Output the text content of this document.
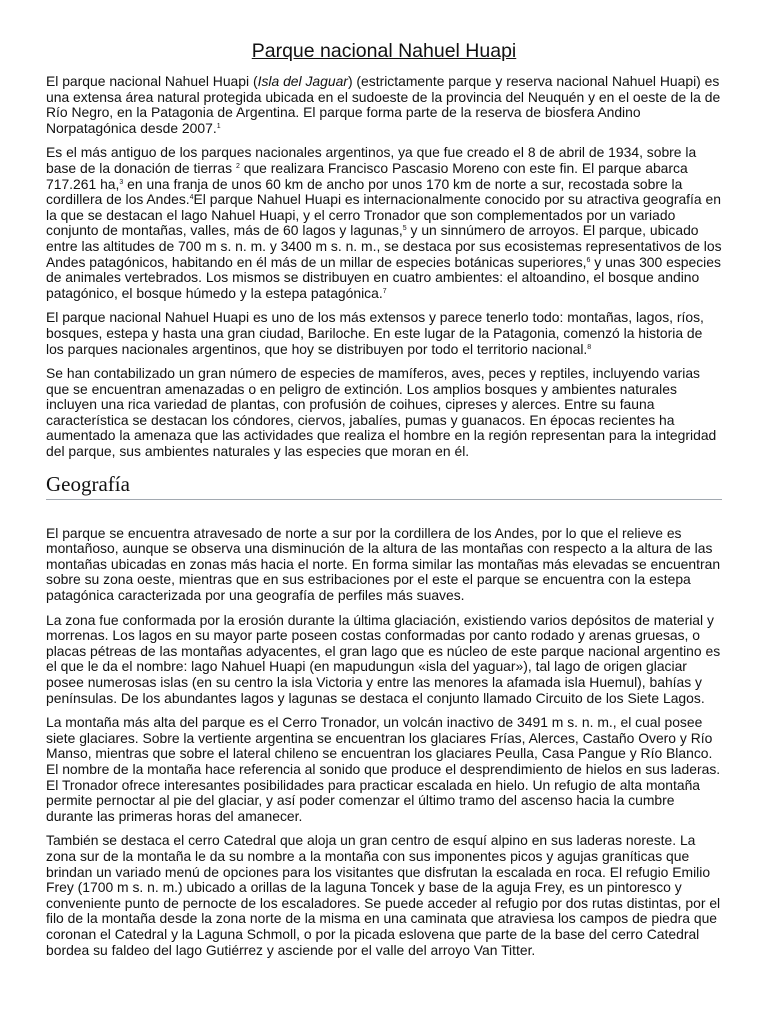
Parque nacional Nahuel Huapi

El parque nacional Nahuel Huapi (Isla del Jaguar) (estrictamente parque y reserva nacional Nahuel Huapi) es una extensa área natural protegida ubicada en el sudoeste de la provincia del Neuquén y en el oeste de la de Río Negro, en la Patagonia de Argentina. El parque forma parte de la reserva de biosfera Andino Norpatagónica desde 2007.$^1$

Es el más antiguo de los parques nacionales argentinos, ya que fue creado el 8 de abril de 1934, sobre la base de la donación de tierras $^2$ que realizara Francisco Pascasio Moreno con este fin. El parque abarca 717.261 ha,$^3$ en una franja de unos 60 km de ancho por unos 170 km de norte a sur, recostada sobre la cordillera de los Andes.$^4$El parque Nahuel Huapi es internacionalmente conocido por su atractiva geografía en la que se destacan el lago Nahuel Huapi, y el cerro Tronador que son complementados por un variado conjunto de montañas, valles, más de 60 lagos y lagunas,$^5$ y un sinnúmero de arroyos. El parque, ubicado entre las altitudes de 700 m s. n. m. y 3400 m s. n. m., se destaca por sus ecosistemas representativos de los Andes patagónicos, habitando en él más de un millar de especies botánicas superiores,$^6$ y unas 300 especies de animales vertebrados. Los mismos se distribuyen en cuatro ambientes: el altoandino, el bosque andino patagónico, el bosque húmedo y la estepa patagónica.$^7$

El parque nacional Nahuel Huapi es uno de los más extensos y parece tenerlo todo: montañas, lagos, ríos, bosques, estepa y hasta una gran ciudad, Bariloche. En este lugar de la Patagonia, comenzó la historia de los parques nacionales argentinos, que hoy se distribuyen por todo el territorio nacional.$^8$

Se han contabilizado un gran número de especies de mamíferos, aves, peces y reptiles, incluyendo varias que se encuentran amenazadas o en peligro de extinción. Los amplios bosques y ambientes naturales incluyen una rica variedad de plantas, con profusión de coihues, cipreses y alerces. Entre su fauna característica se destacan los cóndores, ciervos, jabalíes, pumas y guanacos. En épocas recientes ha aumentado la amenaza que las actividades que realiza el hombre en la región representan para la integridad del parque, sus ambientes naturales y las especies que moran en él.

Geografía

El parque se encuentra atravesado de norte a sur por la cordillera de los Andes, por lo que el relieve es montañoso, aunque se observa una disminución de la altura de las montañas con respecto a la altura de las montañas ubicadas en zonas más hacia el norte. En forma similar las montañas más elevadas se encuentran sobre su zona oeste, mientras que en sus estribaciones por el este el parque se encuentra con la estepa patagónica caracterizada por una geografía de perfiles más suaves.

La zona fue conformada por la erosión durante la última glaciación, existiendo varios depósitos de material y morrenas. Los lagos en su mayor parte poseen costas conformadas por canto rodado y arenas gruesas, o placas pétreas de las montañas adyacentes, el gran lago que es núcleo de este parque nacional argentino es el que le da el nombre: lago Nahuel Huapi (en mapudungun «isla del yaguar»), tal lago de origen glaciar posee numerosas islas (en su centro la isla Victoria y entre las menores la afamada isla Huemul), bahías y penínsulas. De los abundantes lagos y lagunas se destaca el conjunto llamado Circuito de los Siete Lagos.

La montaña más alta del parque es el Cerro Tronador, un volcán inactivo de 3491 m s. n. m., el cual posee siete glaciares. Sobre la vertiente argentina se encuentran los glaciares Frías, Alerces, Castaño Overo y Río Manso, mientras que sobre el lateral chileno se encuentran los glaciares Peulla, Casa Pangue y Río Blanco. El nombre de la montaña hace referencia al sonido que produce el desprendimiento de hielos en sus laderas. El Tronador ofrece interesantes posibilidades para practicar escalada en hielo. Un refugio de alta montaña permite pernoctar al pie del glaciar, y así poder comenzar el último tramo del ascenso hacia la cumbre durante las primeras horas del amanecer.

También se destaca el cerro Catedral que aloja un gran centro de esquí alpino en sus laderas noreste. La zona sur de la montaña le da su nombre a la montaña con sus imponentes picos y agujas graníticas que brindan un variado menú de opciones para los visitantes que disfrutan la escalada en roca. El refugio Emilio Frey (1700 m s. n. m.) ubicado a orillas de la laguna Toncek y base de la aguja Frey, es un pintoresco y conveniente punto de pernocte de los escaladores. Se puede acceder al refugio por dos rutas distintas, por el filo de la montaña desde la zona norte de la misma en una caminata que atraviesa los campos de piedra que coronan el Catedral y la Laguna Schmoll, o por la picada eslovena que parte de la base del cerro Catedral bordea su faldeo del lago Gutiérrez y asciende por el valle del arroyo Van Titter.
